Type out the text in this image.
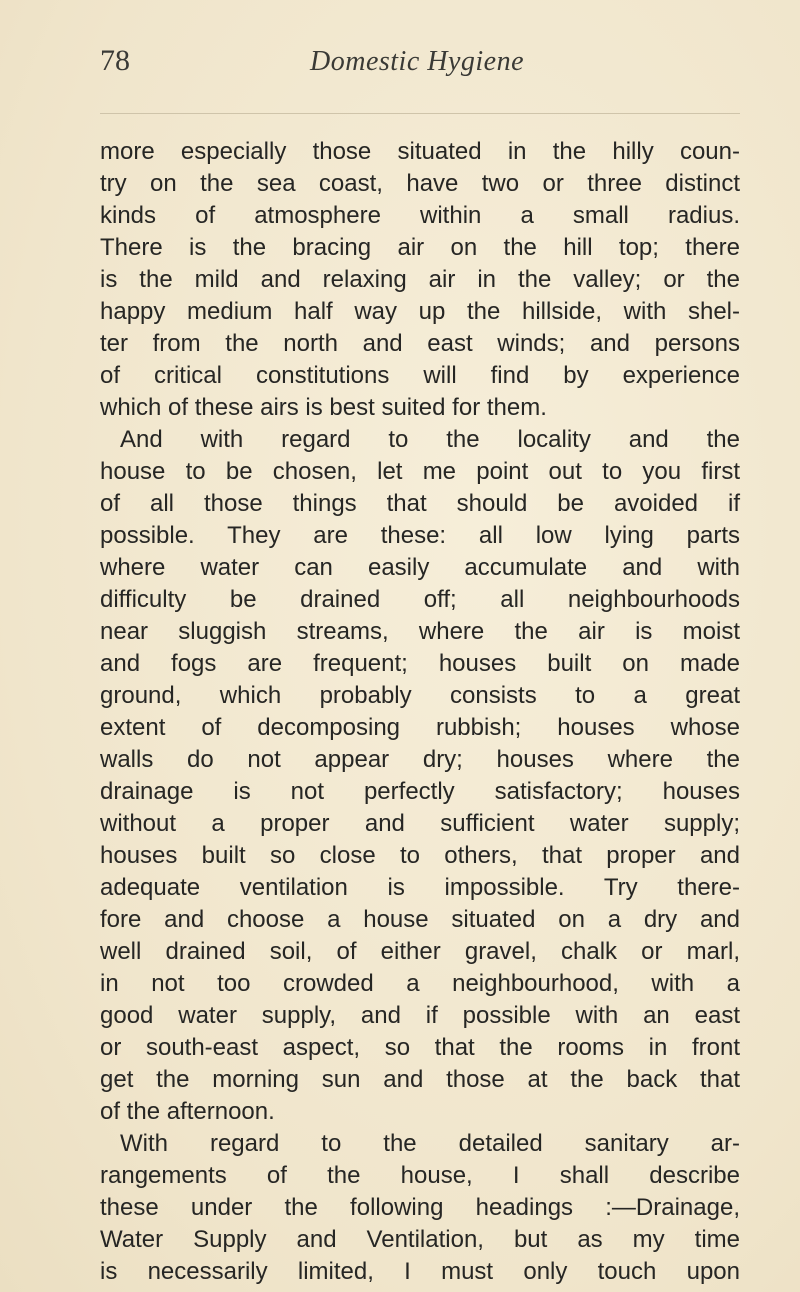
78	Domestic Hygiene
more especially those situated in the hilly coun-
try on the sea coast, have two or three distinct
kinds of atmosphere within a small radius.
There is the bracing air on the hill top; there
is the mild and relaxing air in the valley; or the
happy medium half way up the hillside, with shel-
ter from the north and east winds; and persons
of critical constitutions will find by experience
which of these airs is best suited for them.
And with regard to the locality and the
house to be chosen, let me point out to you first
of all those things that should be avoided if
possible. They are these: all low lying parts
where water can easily accumulate and with
difficulty be drained off; all neighbourhoods
near sluggish streams, where the air is moist
and fogs are frequent; houses built on made
ground, which probably consists to a great
extent of decomposing rubbish; houses whose
walls do not appear dry; houses where the
drainage is not perfectly satisfactory; houses
without a proper and sufficient water supply;
houses built so close to others, that proper and
adequate ventilation is impossible. Try there-
fore and choose a house situated on a dry and
well drained soil, of either gravel, chalk or marl,
in not too crowded a neighbourhood, with a
good water supply, and if possible with an east
or south-east aspect, so that the rooms in front
get the morning sun and those at the back that
of the afternoon.
With regard to the detailed sanitary ar-
rangements of the house, I shall describe
these under the following headings :—Drainage,
Water Supply and Ventilation, but as my time
is necessarily limited, I must only touch upon
